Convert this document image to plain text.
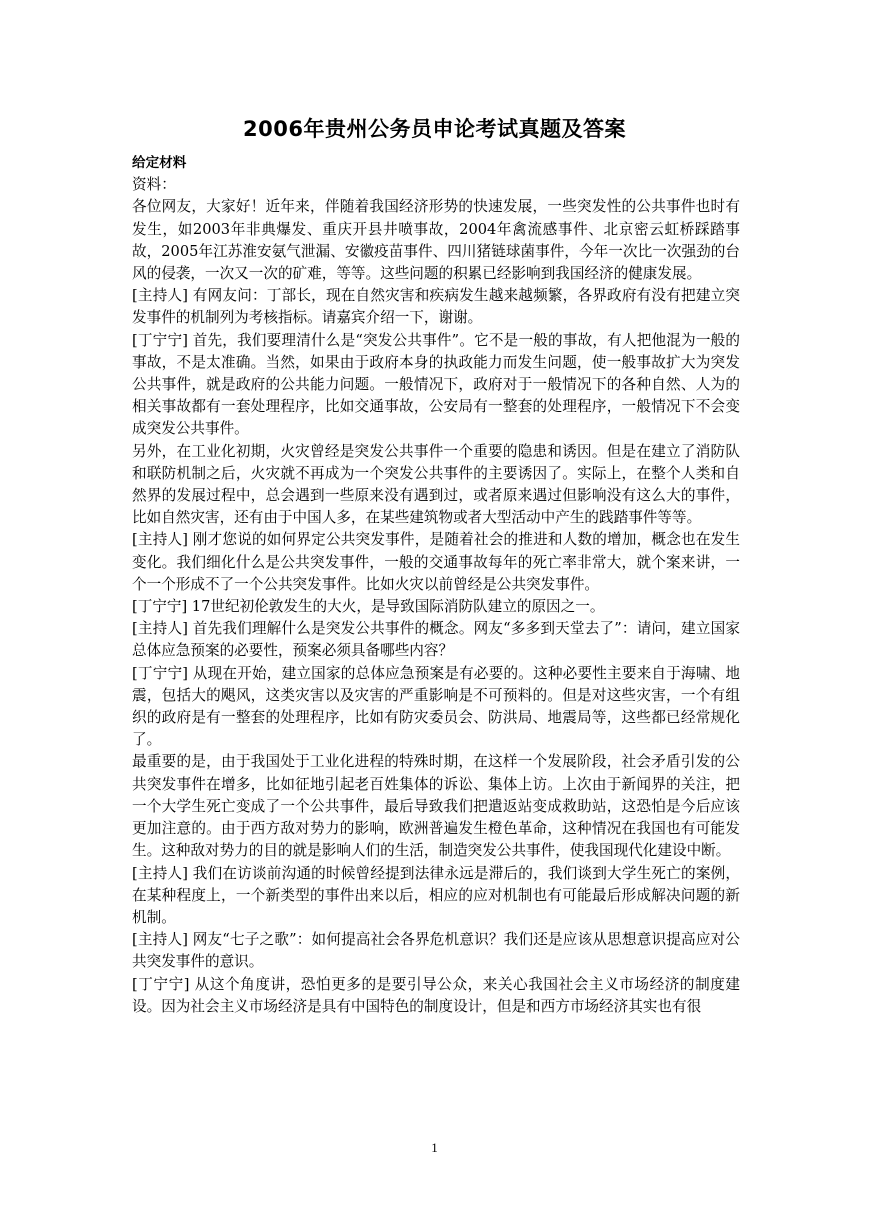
2006年贵州公务员申论考试真题及答案

给定材料

资料：

各位网友，大家好！近年来，伴随着我国经济形势的快速发展，一些突发性的公共事件也时有发生，如2003年非典爆发、重庆开县井喷事故，2004年禽流感事件、北京密云虹桥踩踏事故，2005年江苏淮安氨气泄漏、安徽疫苗事件、四川猪链球菌事件，今年一次比一次强劲的台风的侵袭，一次又一次的矿难，等等。这些问题的积累已经影响到我国经济的健康发展。

[主持人] 有网友问：丁部长，现在自然灾害和疾病发生越来越频繁，各界政府有没有把建立突发事件的机制列为考核指标。请嘉宾介绍一下，谢谢。

[丁宁宁] 首先，我们要理清什么是“突发公共事件”。它不是一般的事故，有人把他混为一般的事故，不是太准确。当然，如果由于政府本身的执政能力而发生问题，使一般事故扩大为突发公共事件，就是政府的公共能力问题。一般情况下，政府对于一般情况下的各种自然、人为的相关事故都有一套处理程序，比如交通事故，公安局有一整套的处理程序，一般情况下不会变成突发公共事件。

另外，在工业化初期，火灾曾经是突发公共事件一个重要的隐患和诱因。但是在建立了消防队和联防机制之后，火灾就不再成为一个突发公共事件的主要诱因了。实际上，在整个人类和自然界的发展过程中，总会遇到一些原来没有遇到过，或者原来遇过但影响没有这么大的事件，比如自然灾害，还有由于中国人多，在某些建筑物或者大型活动中产生的践踏事件等等。

[主持人] 刚才您说的如何界定公共突发事件，是随着社会的推进和人数的增加，概念也在发生变化。我们细化什么是公共突发事件，一般的交通事故每年的死亡率非常大，就个案来讲，一个一个形成不了一个公共突发事件。比如火灾以前曾经是公共突发事件。

[丁宁宁] 17世纪初伦敦发生的大火，是导致国际消防队建立的原因之一。

[主持人] 首先我们理解什么是突发公共事件的概念。网友“多多到天堂去了”：请问，建立国家总体应急预案的必要性，预案必须具备哪些内容？

[丁宁宁] 从现在开始，建立国家的总体应急预案是有必要的。这种必要性主要来自于海啸、地震，包括大的飓风，这类灾害以及灾害的严重影响是不可预料的。但是对这些灾害，一个有组织的政府是有一整套的处理程序，比如有防灾委员会、防洪局、地震局等，这些都已经常规化了。

最重要的是，由于我国处于工业化进程的特殊时期，在这样一个发展阶段，社会矛盾引发的公共突发事件在增多，比如征地引起老百姓集体的诉讼、集体上访。上次由于新闻界的关注，把一个大学生死亡变成了一个公共事件，最后导致我们把遣返站变成救助站，这恐怕是今后应该更加注意的。由于西方敌对势力的影响，欧洲普遍发生橙色革命，这种情况在我国也有可能发生。这种敌对势力的目的就是影响人们的生活，制造突发公共事件，使我国现代化建设中断。

[主持人] 我们在访谈前沟通的时候曾经提到法律永远是滞后的，我们谈到大学生死亡的案例，在某种程度上，一个新类型的事件出来以后，相应的应对机制也有可能最后形成解决问题的新机制。

[主持人] 网友“七子之歌”：如何提高社会各界危机意识？我们还是应该从思想意识提高应对公共突发事件的意识。

[丁宁宁] 从这个角度讲，恐怕更多的是要引导公众，来关心我国社会主义市场经济的制度建设。因为社会主义市场经济是具有中国特色的制度设计，但是和西方市场经济其实也有很

1
